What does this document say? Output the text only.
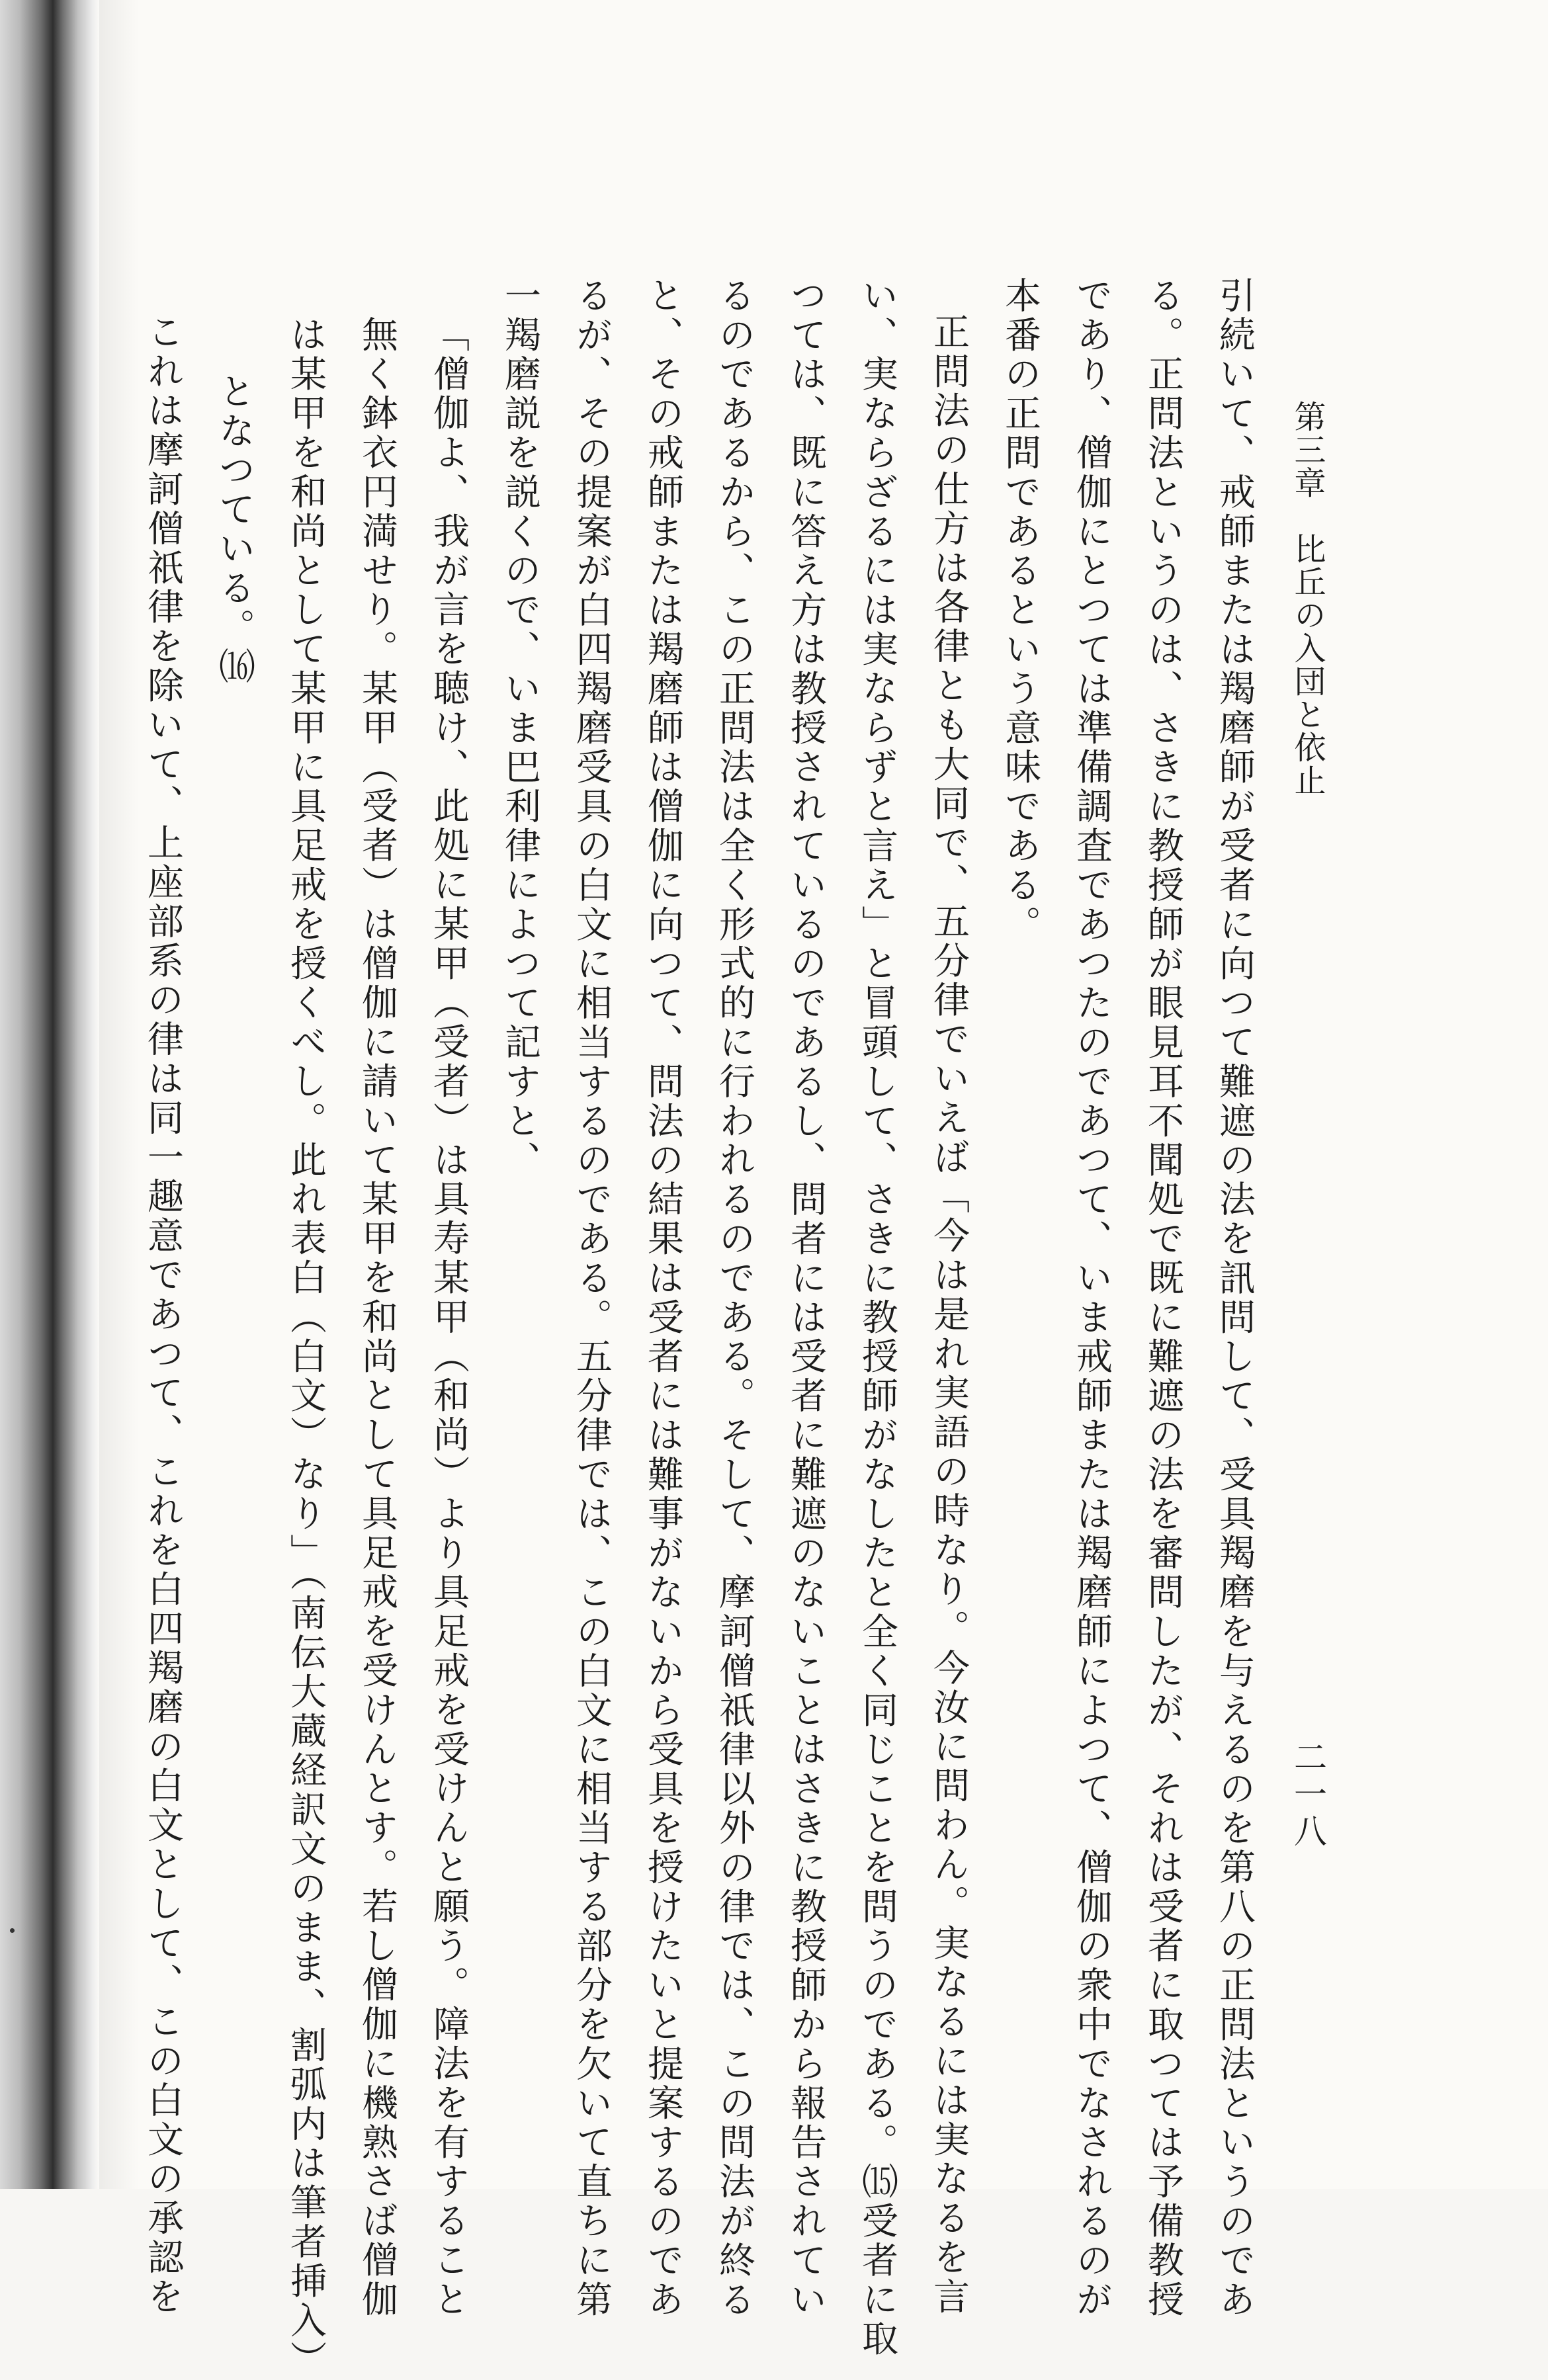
第三章　比丘の入団と依止
二一八
引続いて、戒師または羯磨師が受者に向つて難遮の法を訊問して、受具羯磨を与えるのを第八の正問法というのであ
る。正問法というのは、さきに教授師が眼見耳不聞処で既に難遮の法を審問したが、それは受者に取つては予備教授
であり、僧伽にとつては準備調査であつたのであつて、いま戒師または羯磨師によつて、僧伽の衆中でなされるのが
本番の正問であるという意味である。
正問法の仕方は各律とも大同で、五分律でいえば「今は是れ実語の時なり。今汝に問わん。実なるには実なるを言
い、実ならざるには実ならずと言え」と冒頭して、さきに教授師がなしたと全く同じことを問うのである。⒂受者に取
つては、既に答え方は教授されているのであるし、問者には受者に難遮のないことはさきに教授師から報告されてい
るのであるから、この正問法は全く形式的に行われるのである。そして、摩訶僧祇律以外の律では、この問法が終る
と、その戒師または羯磨師は僧伽に向つて、問法の結果は受者には難事がないから受具を授けたいと提案するのであ
るが、その提案が白四羯磨受具の白文に相当するのである。五分律では、この白文に相当する部分を欠いて直ちに第
一羯磨説を説くので、いま巴利律によつて記すと、
「僧伽よ、我が言を聴け、此処に某甲（受者）は具寿某甲（和尚）より具足戒を受けんと願う。障法を有すること
無く鉢衣円満せり。某甲（受者）は僧伽に請いて某甲を和尚として具足戒を受けんとす。若し僧伽に機熟さば僧伽
は某甲を和尚として某甲に具足戒を授くべし。此れ表白（白文）なり」（南伝大蔵経訳文のまま、割弧内は筆者挿入）
となつている。⒃
これは摩訶僧祇律を除いて、上座部系の律は同一趣意であつて、これを白四羯磨の白文として、この白文の承認を
